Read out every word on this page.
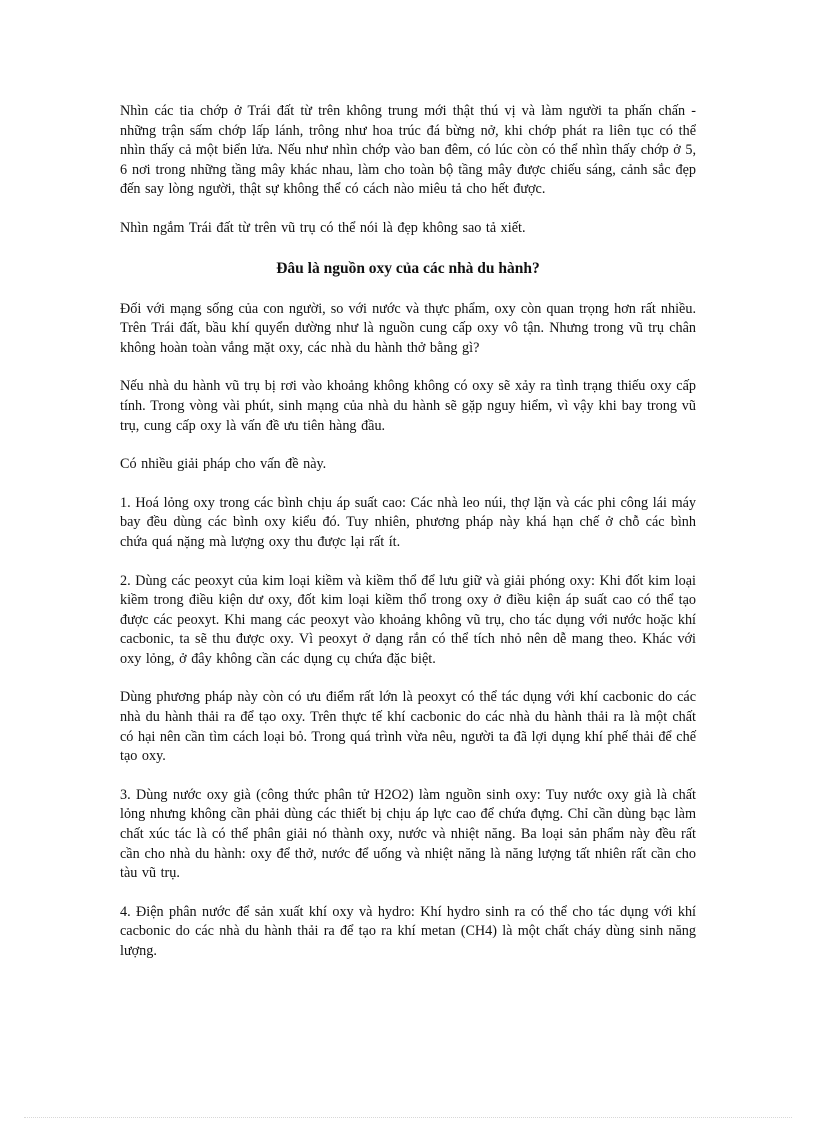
Nhìn các tia chớp ở Trái đất từ trên không trung mới thật thú vị và làm người ta phấn chấn - những trận sấm chớp lấp lánh, trông như hoa trúc đá bừng nở, khi chớp phát ra liên tục có thể nhìn thấy cả một biển lửa. Nếu như nhìn chớp vào ban đêm, có lúc còn có thể nhìn thấy chớp ở 5, 6 nơi trong những tầng mây khác nhau, làm cho toàn bộ tầng mây được chiếu sáng, cảnh sắc đẹp đến say lòng người, thật sự không thể có cách nào miêu tả cho hết được.

Nhìn ngắm Trái đất từ trên vũ trụ có thể nói là đẹp không sao tả xiết.

Đâu là nguồn oxy của các nhà du hành?

Đối với mạng sống của con người, so với nước và thực phẩm, oxy còn quan trọng hơn rất nhiều. Trên Trái đất, bầu khí quyển dường như là nguồn cung cấp oxy vô tận. Nhưng trong vũ trụ chân không hoàn toàn vắng mặt oxy, các nhà du hành thở bằng gì?

Nếu nhà du hành vũ trụ bị rơi vào khoảng không không có oxy sẽ xảy ra tình trạng thiếu oxy cấp tính. Trong vòng vài phút, sinh mạng của nhà du hành sẽ gặp nguy hiểm, vì vậy khi bay trong vũ trụ, cung cấp oxy là vấn đề ưu tiên hàng đầu.

Có nhiều giải pháp cho vấn đề này.

1. Hoá lỏng oxy trong các bình chịu áp suất cao: Các nhà leo núi, thợ lặn và các phi công lái máy bay đều dùng các bình oxy kiểu đó. Tuy nhiên, phương pháp này khá hạn chế ở chỗ các bình chứa quá nặng mà lượng oxy thu được lại rất ít.

2. Dùng các peoxyt của kim loại kiềm và kiềm thổ để lưu giữ và giải phóng oxy: Khi đốt kim loại kiềm trong điều kiện dư oxy, đốt kim loại kiềm thổ trong oxy ở điều kiện áp suất cao có thể tạo được các peoxyt. Khi mang các peoxyt vào khoảng không vũ trụ, cho tác dụng với nước hoặc khí cacbonic, ta sẽ thu được oxy. Vì peoxyt ở dạng rắn có thể tích nhỏ nên dễ mang theo. Khác với oxy lỏng, ở đây không cần các dụng cụ chứa đặc biệt.

Dùng phương pháp này còn có ưu điểm rất lớn là peoxyt có thể tác dụng với khí cacbonic do các nhà du hành thải ra để tạo oxy. Trên thực tế khí cacbonic do các nhà du hành thải ra là một chất có hại nên cần tìm cách loại bỏ. Trong quá trình vừa nêu, người ta đã lợi dụng khí phế thải để chế tạo oxy.

3. Dùng nước oxy già (công thức phân tử H2O2) làm nguồn sinh oxy: Tuy nước oxy già là chất lỏng nhưng không cần phải dùng các thiết bị chịu áp lực cao để chứa đựng. Chỉ cần dùng bạc làm chất xúc tác là có thể phân giải nó thành oxy, nước và nhiệt năng. Ba loại sản phẩm này đều rất cần cho nhà du hành: oxy để thở, nước để uống và nhiệt năng là năng lượng tất nhiên rất cần cho tàu vũ trụ.

4. Điện phân nước để sản xuất khí oxy và hydro: Khí hydro sinh ra có thể cho tác dụng với khí cacbonic do các nhà du hành thải ra để tạo ra khí metan (CH4) là một chất cháy dùng sinh năng lượng.
